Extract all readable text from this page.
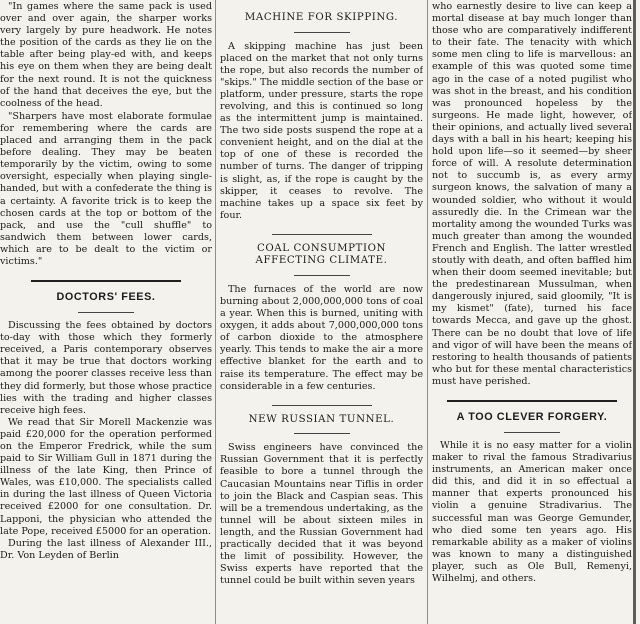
"In games where the same pack is used over and over again, the sharper works very largely by pure headwork. He notes the position of the cards as they lie on the table after being play-ed with, and keeps his eye on them when they are being dealt for the next round. It is not the quickness of the hand that deceives the eye, but the coolness of the head.

"Sharpers have most elaborate formulae for remembering where the cards are placed and arranging them in the pack before dealing. They may be beaten temporarily by the victim, owing to some oversight, especially when playing single-handed, but with a confederate the thing is a certainty. A favorite trick is to keep the chosen cards at the top or bottom of the pack, and use the "cull shuffle" to sandwich them between lower cards, which are to be dealt to the victim or victims."

DOCTORS' FEES.

Discussing the fees obtained by doctors to-day with those which they formerly received, a Paris contemporary observes that it may be true that doctors working among the poorer classes receive less than they did formerly, but those whose practice lies with the trading and higher classes receive high fees.

We read that Sir Morell Mackenzie was paid £20,000 for the operation performed on the Emperor Fredrick, while the sum paid to Sir William Gull in 1871 during the illness of the late King, then Prince of Wales, was £10,000. The specialists called in during the last illness of Queen Victoria received £2000 for one consultation. Dr. Lapponi, the physician who attended the late Pope, received £5000 for an operation.

During the last illness of Alexander III., Dr. Von Leyden of Berlin

MACHINE FOR SKIPPING.

A skipping machine has just been placed on the market that not only turns the rope, but also records the number of "skips." The middle section of the base or platform, under pressure, starts the rope revolving, and this is continued so long as the intermittent jump is maintained. The two side posts suspend the rope at a convenient height, and on the dial at the top of one of these is recorded the number of turns. The danger of tripping is slight, as, if the rope is caught by the skipper, it ceases to revolve. The machine takes up a space six feet by four.

COAL CONSUMPTION AFFECTING CLIMATE.

The furnaces of the world are now burning about 2,000,000,000 tons of coal a year. When this is burned, uniting with oxygen, it adds about 7,000,000,000 tons of carbon dioxide to the atmosphere yearly. This tends to make the air a more effective blanket for the earth and to raise its temperature. The effect may be considerable in a few centuries.

NEW RUSSIAN TUNNEL.

Swiss engineers have convinced the Russian Government that it is perfectly feasible to bore a tunnel through the Caucasian Mountains near Tiflis in order to join the Black and Caspian seas. This will be a tremendous undertaking, as the tunnel will be about sixteen miles in length, and the Russian Government had practically decided that it was beyond the limit of possibility. However, the Swiss experts have reported that the tunnel could be built within seven years

who earnestly desire to live can keep a mortal disease at bay much longer than those who are comparatively indifferent to their fate. The tenacity with which some men cling to life is marvellous: an example of this was quoted some time ago in the case of a noted pugilist who was shot in the breast, and his condition was pronounced hopeless by the surgeons. He made light, however, of their opinions, and actually lived several days with a ball in his heart; keeping his hold upon life—so it seemed—by sheer force of will. A resolute determination not to succumb is, as every army surgeon knows, the salvation of many a wounded soldier, who without it would assuredly die. In the Crimean war the mortality among the wounded Turks was much greater than among the wounded French and English. The latter wrestled stoutly with death, and often baffled him when their doom seemed inevitable; but the predestinarean Mussulman, when dangerously injured, said gloomily, "It is my kismet" (fate), turned his face towards Mecca, and gave up the ghost. There can be no doubt that love of life and vigor of will have been the means of restoring to health thousands of patients who but for these mental characteristics must have perished.

A TOO CLEVER FORGERY.

While it is no easy matter for a violin maker to rival the famous Stradivarius instruments, an American maker once did this, and did it in so effectual a manner that experts pronounced his violin a genuine Stradivarius. The successful man was George Gemunder, who died some ten years ago. His remarkable ability as a maker of violins was known to many a distinguished player, such as Ole Bull, Remenyi, Wilhelmj, and others.
